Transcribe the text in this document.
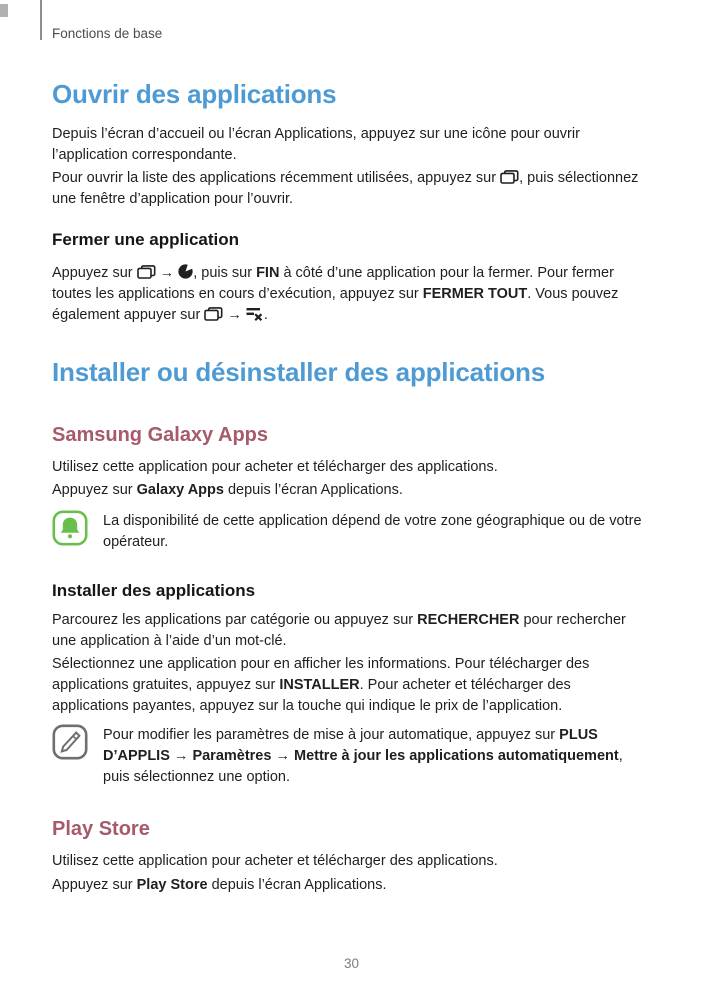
Fonctions de base
Ouvrir des applications

Depuis l’écran d’accueil ou l’écran Applications, appuyez sur une icône pour ouvrir l’application correspondante.

Pour ouvrir la liste des applications récemment utilisées, appuyez sur , puis sélectionnez une fenêtre d’application pour l’ouvrir.

Fermer une application

Appuyez sur  → , puis sur FIN à côté d’une application pour la fermer. Pour fermer toutes les applications en cours d’exécution, appuyez sur FERMER TOUT. Vous pouvez également appuyer sur  → .

Installer ou désinstaller des applications
Samsung Galaxy Apps

Utilisez cette application pour acheter et télécharger des applications.

Appuyez sur Galaxy Apps depuis l’écran Applications.

La disponibilité de cette application dépend de votre zone géographique ou de votre opérateur.

Installer des applications

Parcourez les applications par catégorie ou appuyez sur RECHERCHER pour rechercher une application à l’aide d’un mot-clé.

Sélectionnez une application pour en afficher les informations. Pour télécharger des applications gratuites, appuyez sur INSTALLER. Pour acheter et télécharger des applications payantes, appuyez sur la touche qui indique le prix de l’application.

Pour modifier les paramètres de mise à jour automatique, appuyez sur PLUS D’APPLIS → Paramètres → Mettre à jour les applications automatiquement, puis sélectionnez une option.

Play Store

Utilisez cette application pour acheter et télécharger des applications.

Appuyez sur Play Store depuis l’écran Applications.

30
